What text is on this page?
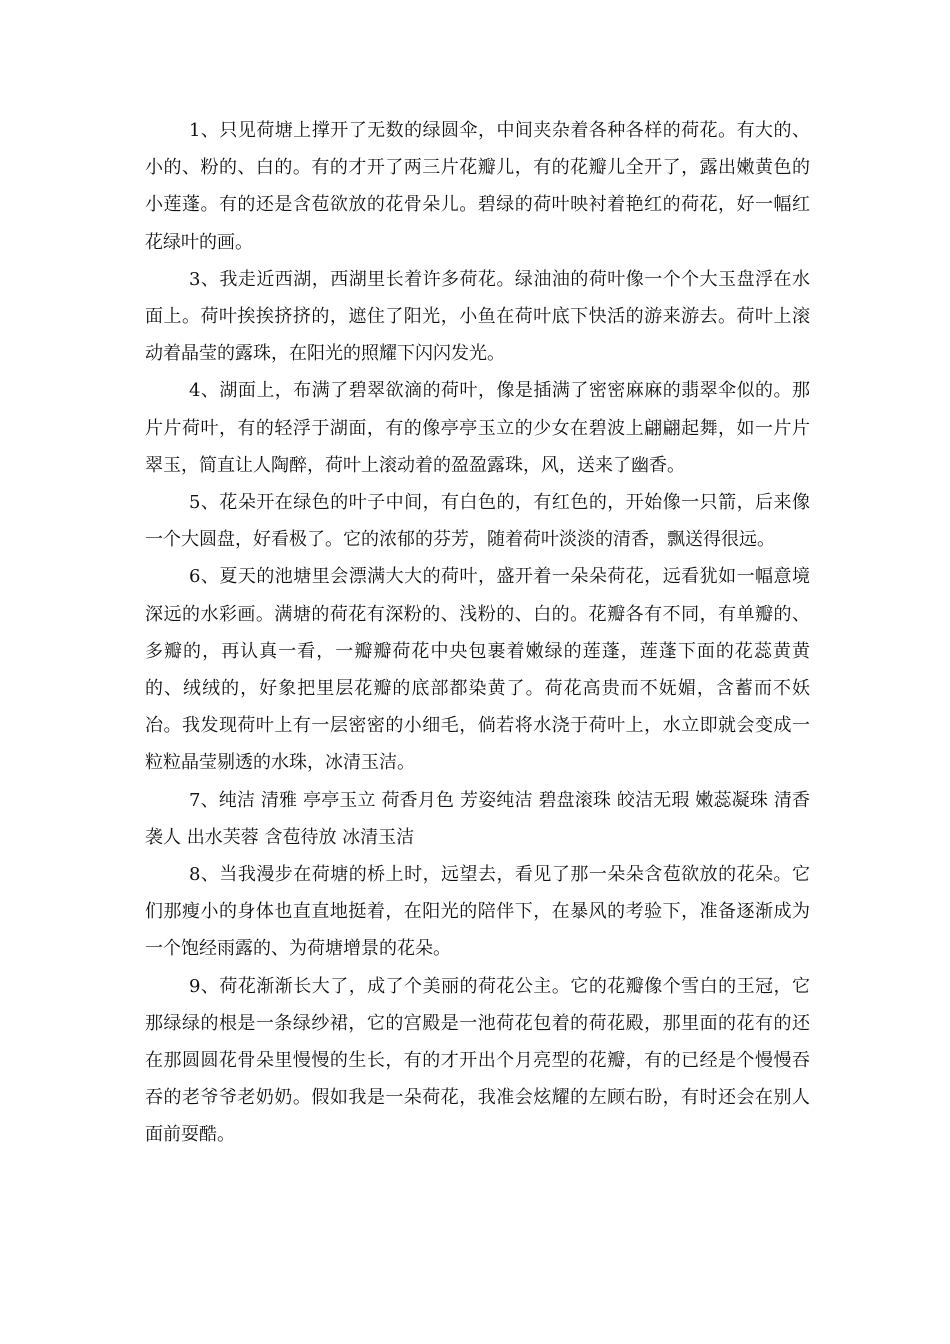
1、只见荷塘上撑开了无数的绿圆伞，中间夹杂着各种各样的荷花。有大的、小的、粉的、白的。有的才开了两三片花瓣儿，有的花瓣儿全开了，露出嫩黄色的小莲蓬。有的还是含苞欲放的花骨朵儿。碧绿的荷叶映衬着艳红的荷花，好一幅红花绿叶的画。

3、我走近西湖，西湖里长着许多荷花。绿油油的荷叶像一个个大玉盘浮在水面上。荷叶挨挨挤挤的，遮住了阳光，小鱼在荷叶底下快活的游来游去。荷叶上滚动着晶莹的露珠，在阳光的照耀下闪闪发光。

4、湖面上，布满了碧翠欲滴的荷叶，像是插满了密密麻麻的翡翠伞似的。那片片荷叶，有的轻浮于湖面，有的像亭亭玉立的少女在碧波上翩翩起舞，如一片片翠玉，简直让人陶醉，荷叶上滚动着的盈盈露珠，风，送来了幽香。

5、花朵开在绿色的叶子中间，有白色的，有红色的，开始像一只箭，后来像一个大圆盘，好看极了。它的浓郁的芬芳，随着荷叶淡淡的清香，飘送得很远。

6、夏天的池塘里会漂满大大的荷叶，盛开着一朵朵荷花，远看犹如一幅意境深远的水彩画。满塘的荷花有深粉的、浅粉的、白的。花瓣各有不同，有单瓣的、多瓣的，再认真一看，一瓣瓣荷花中央包裹着嫩绿的莲蓬，莲蓬下面的花蕊黄黄的、绒绒的，好象把里层花瓣的底部都染黄了。荷花高贵而不妩媚，含蓄而不妖冶。我发现荷叶上有一层密密的小细毛，倘若将水浇于荷叶上，水立即就会变成一粒粒晶莹剔透的水珠，冰清玉洁。

7、纯洁 清雅 亭亭玉立 荷香月色 芳姿纯洁 碧盘滚珠 皎洁无瑕 嫩蕊凝珠 清香袭人 出水芙蓉 含苞待放 冰清玉洁

8、当我漫步在荷塘的桥上时，远望去，看见了那一朵朵含苞欲放的花朵。它们那瘦小的身体也直直地挺着，在阳光的陪伴下，在暴风的考验下，准备逐渐成为一个饱经雨露的、为荷塘增景的花朵。

9、荷花渐渐长大了，成了个美丽的荷花公主。它的花瓣像个雪白的王冠，它那绿绿的根是一条绿纱裙，它的宫殿是一池荷花包着的荷花殿，那里面的花有的还在那圆圆花骨朵里慢慢的生长，有的才开出个月亮型的花瓣，有的已经是个慢慢吞吞的老爷爷老奶奶。假如我是一朵荷花，我准会炫耀的左顾右盼，有时还会在别人面前耍酷。
